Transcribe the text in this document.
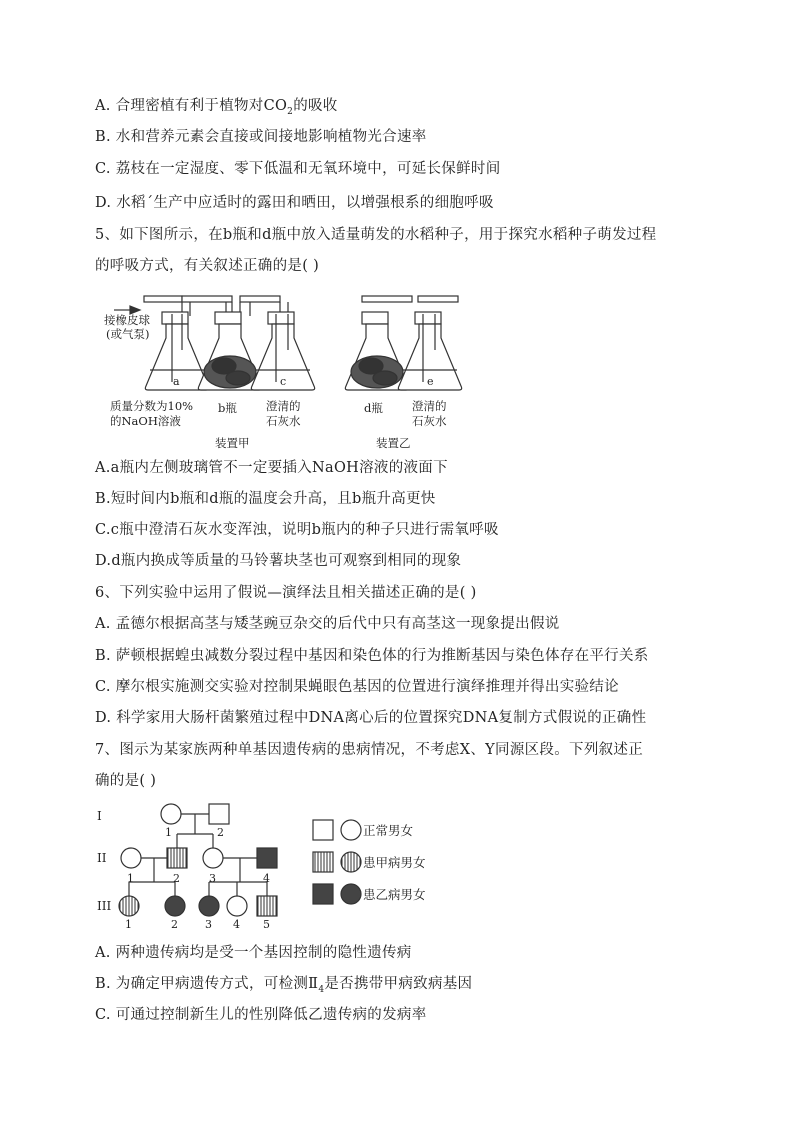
A. 合理密植有利于植物对$CO_2$的吸收
B. 水和营养元素会直接或间接地影响植物光合速率
C. 荔枝在一定湿度、零下低温和无氧环境中，可延长保鲜时间
D. 水稻´生产中应适时的露田和晒田，以增强根系的细胞呼吸
5、如下图所示，在b瓶和d瓶中放入适量萌发的水稻种子，用于探究水稻种子萌发过程
的呼吸方式，有关叙述正确的是( )
接橡皮球
(或气泵)
a	c	e
质量分数为10%
的NaOH溶液
b瓶	澄清的
石灰水
d瓶	澄清的
石灰水
装置甲	装置乙
A.a瓶内左侧玻璃管不一定要插入NaOH溶液的液面下
B.短时间内b瓶和d瓶的温度会升高，且b瓶升高更快
C.c瓶中澄清石灰水变浑浊，说明b瓶内的种子只进行需氧呼吸
D.d瓶内换成等质量的马铃薯块茎也可观察到相同的现象
6、下列实验中运用了假说—演绎法且相关描述正确的是( )
A. 孟德尔根据高茎与矮茎豌豆杂交的后代中只有高茎这一现象提出假说
B. 萨顿根据蝗虫减数分裂过程中基因和染色体的行为推断基因与染色体存在平行关系
C. 摩尔根实施测交实验对控制果蝇眼色基因的位置进行演绎推理并得出实验结论
D. 科学家用大肠杆菌繁殖过程中DNA离心后的位置探究DNA复制方式假说的正确性
7、图示为某家族两种单基因遗传病的患病情况，不考虑X、Y同源区段。下列叙述正
确的是( )
I
II
III
1	2
1	2	3	4
1	2 3 4 5
正常男女
患甲病男女
患乙病男女
A. 两种遗传病均是受一个基因控制的隐性遗传病
B. 为确定甲病遗传方式，可检测$Ⅱ_4$是否携带甲病致病基因
C. 可通过控制新生儿的性别降低乙遗传病的发病率
